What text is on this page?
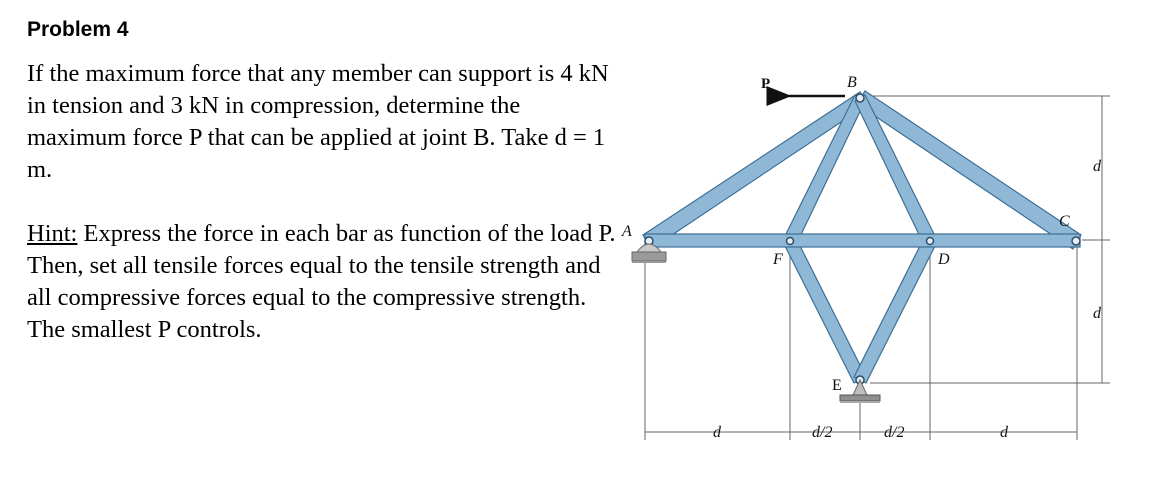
Problem 4

If the maximum force that any member can support is 4 kN in tension and 3 kN in compression, determine the maximum force P that can be applied at joint B. Take d = 1 m.

Hint: Express the force in each bar as function of the load P. Then, set all tensile forces equal to the tensile strength and all compressive forces equal to the compressive strength. The smallest P controls.

P	B
A
C
F	D
E
d	d/2	d/2	d
d
d
